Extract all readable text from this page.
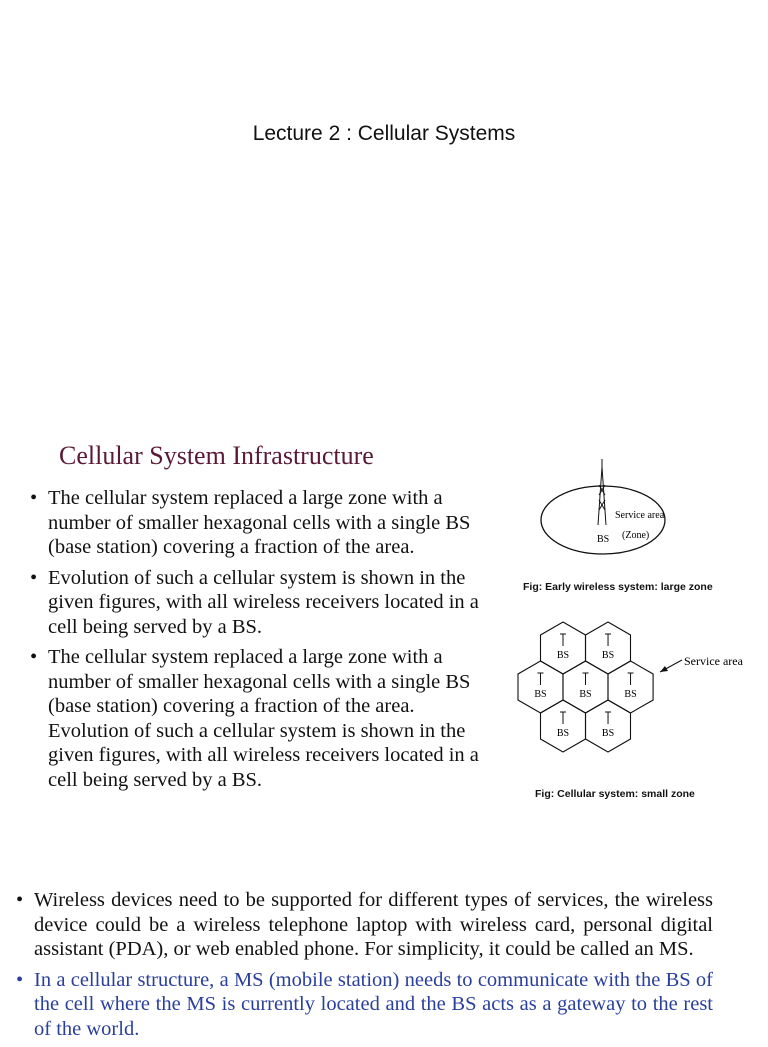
Lecture 2 : Cellular Systems
Cellular System Infrastructure
• The cellular system replaced a large zone with a number of smaller hexagonal cells with a single BS (base station) covering a fraction of the area.
• Evolution of such a cellular system is shown in the given figures, with all wireless receivers located in a cell being served by a BS.
• The cellular system replaced a large zone with a number of smaller hexagonal cells with a single BS (base station) covering a fraction of the area. Evolution of such a cellular system is shown in the given figures, with all wireless receivers located in a cell being served by a BS.
Service area
(Zone)
BS
Fig: Early wireless system: large zone
BS	BS
BS	BS	BS
BS	BS
Service area
Fig: Cellular system: small zone
• Wireless devices need to be supported for different types of services, the wireless device could be a wireless telephone laptop with wireless card, personal digital assistant (PDA), or web enabled phone. For simplicity, it could be called an MS.
• In a cellular structure, a MS (mobile station) needs to communicate with the BS of the cell where the MS is currently located and the BS acts as a gateway to the rest of the world.
